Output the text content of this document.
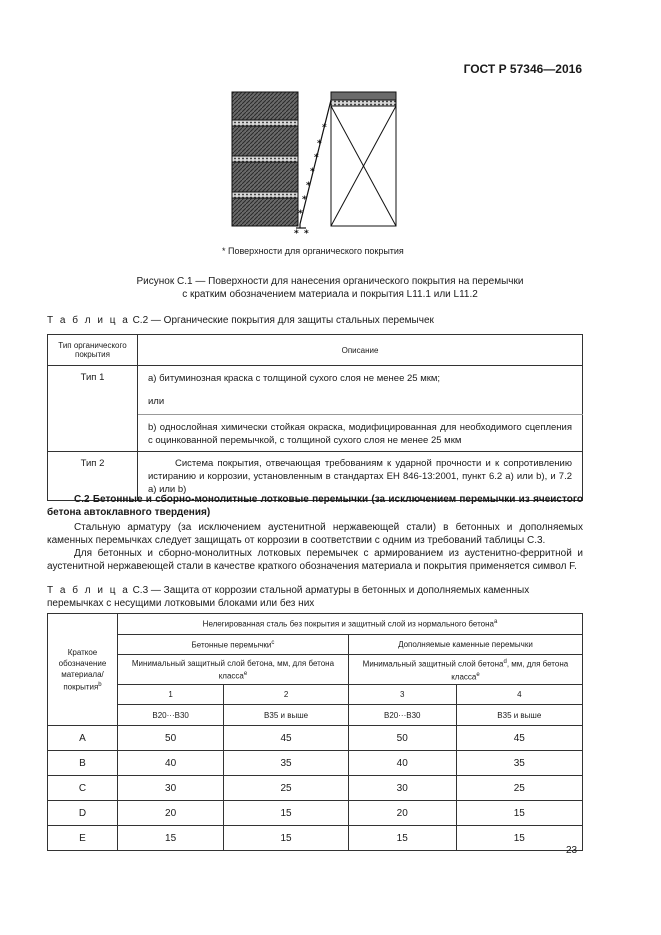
ГОСТ Р 57346—2016
*
*
*
*
*
*
*
* *
* Поверхности для органического покрытия
Рисунок С.1 — Поверхности для нанесения органического покрытия на перемычки
с кратким обозначением материала и покрытия L11.1 или L11.2
Т а б л и ц а С.2 — Органические покрытия для защиты стальных перемычек
Тип органического покрытия	Описание
Тип 1	a) битуминозная краска с толщиной сухого слоя не менее 25 мкм;
или

	b) однослойная химически стойкая окраска, модифицированная для необходимого сцепления с оцинкованной перемычкой, с толщиной сухого слоя не менее 25 мкм
Тип 2	Система покрытия, отвечающая требованиям к ударной прочности и к сопротивлению истиранию и коррозии, установленным в стандартах ЕН 846-13:2001, пункт 6.2 а) или b), и 7.2 а) или b)
С.2 Бетонные и сборно-монолитные лотковые перемычки (за исключением перемычки из ячеистого бетона автоклавного твердения)
Стальную арматуру (за исключением аустенитной нержавеющей стали) в бетонных и дополняемых каменных перемычках следует защищать от коррозии в соответствии с одним из требований таблицы С.3.
Для бетонных и сборно-монолитных лотковых перемычек с армированием из аустенитно-ферритной и аустенитной нержавеющей стали в качестве краткого обозначения материала и покрытия применяется символ F.
Т а б л и ц а С.3 — Защита от коррозии стальной арматуры в бетонных и дополняемых каменных перемычках с несущими лотковыми блоками или без них
Краткое обозначение материала/ покрытия$^b$	Нелегированная сталь без покрытия и защитный слой из нормального бетона$^a$
	Бетонные перемычки$^c$		Дополняемые каменные перемычки	
	Минимальный защитный слой бетона, мм, для бетона класса$^e$		Минимальный защитный слой бетона$^d$, мм, для бетона класса$^e$
	1	2	3	4
	B20···B30	B35 и выше	B20···B30	B35 и выше
A	50	45	50	45
B	40	35	40	35
C	30	25	30	25
D	20	15	20	15
E	15	15	15	15
23
